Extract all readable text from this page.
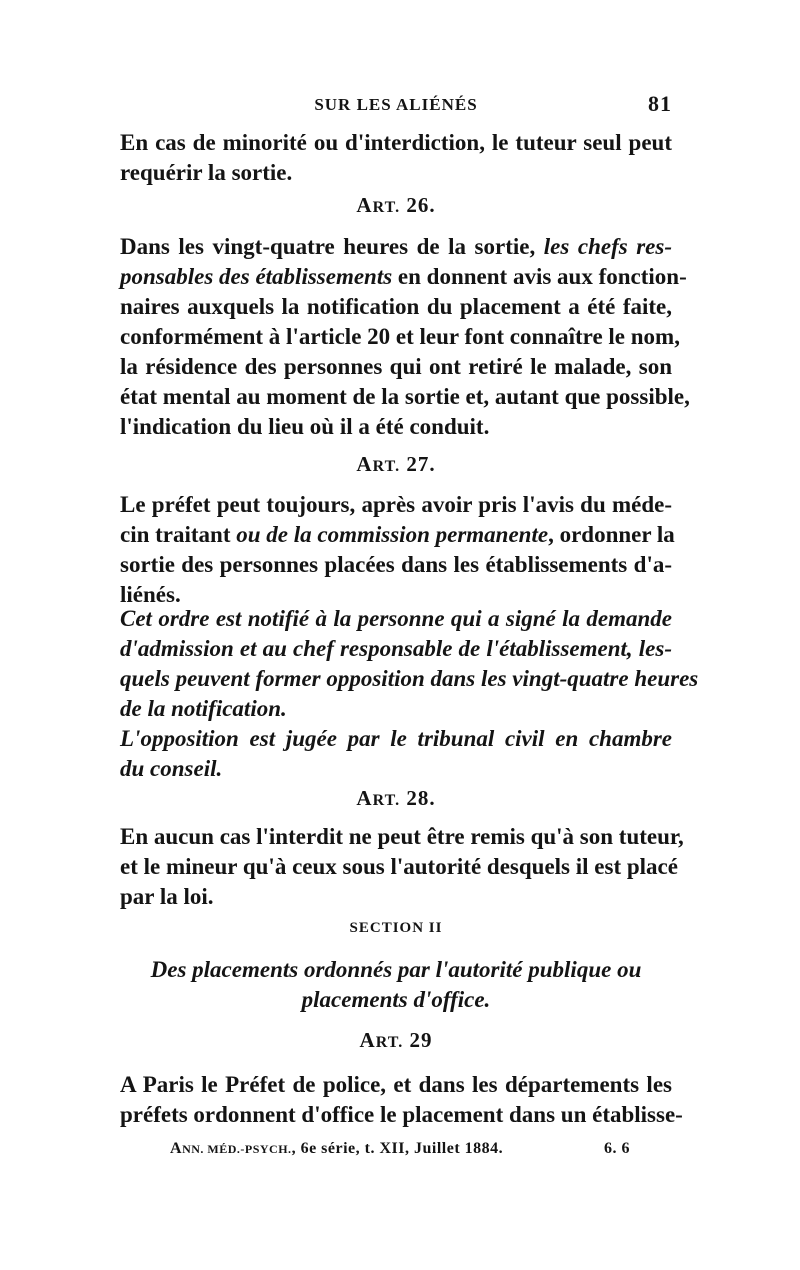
SUR LES ALIÉNÉS	81
En cas de minorité ou d'interdiction, le tuteur seul peut
requérir la sortie.
ART. 26.
Dans les vingt-quatre heures de la sortie, les chefs res-
ponsables des établissements en donnent avis aux fonction-
naires auxquels la notification du placement a été faite,
conformément à l'article 20 et leur font connaître le nom,
la résidence des personnes qui ont retiré le malade, son
état mental au moment de la sortie et, autant que possible,
l'indication du lieu où il a été conduit.
ART. 27.
Le préfet peut toujours, après avoir pris l'avis du méde-
cin traitant ou de la commission permanente, ordonner la
sortie des personnes placées dans les établissements d'a-
liénés.
Cet ordre est notifié à la personne qui a signé la demande
d'admission et au chef responsable de l'établissement, les-
quels peuvent former opposition dans les vingt-quatre heures
de la notification.
L'opposition est jugée par le tribunal civil en chambre
du conseil.
ART. 28.
En aucun cas l'interdit ne peut être remis qu'à son tuteur,
et le mineur qu'à ceux sous l'autorité desquels il est placé
par la loi.
SECTION II
Des placements ordonnés par l'autorité publique ou
placements d'office.
ART. 29
A Paris le Préfet de police, et dans les départements les
préfets ordonnent d'office le placement dans un établisse-
ANN. MÉD.-PSYCH., 6e série, t. XII, Juillet 1884.	6. 6
